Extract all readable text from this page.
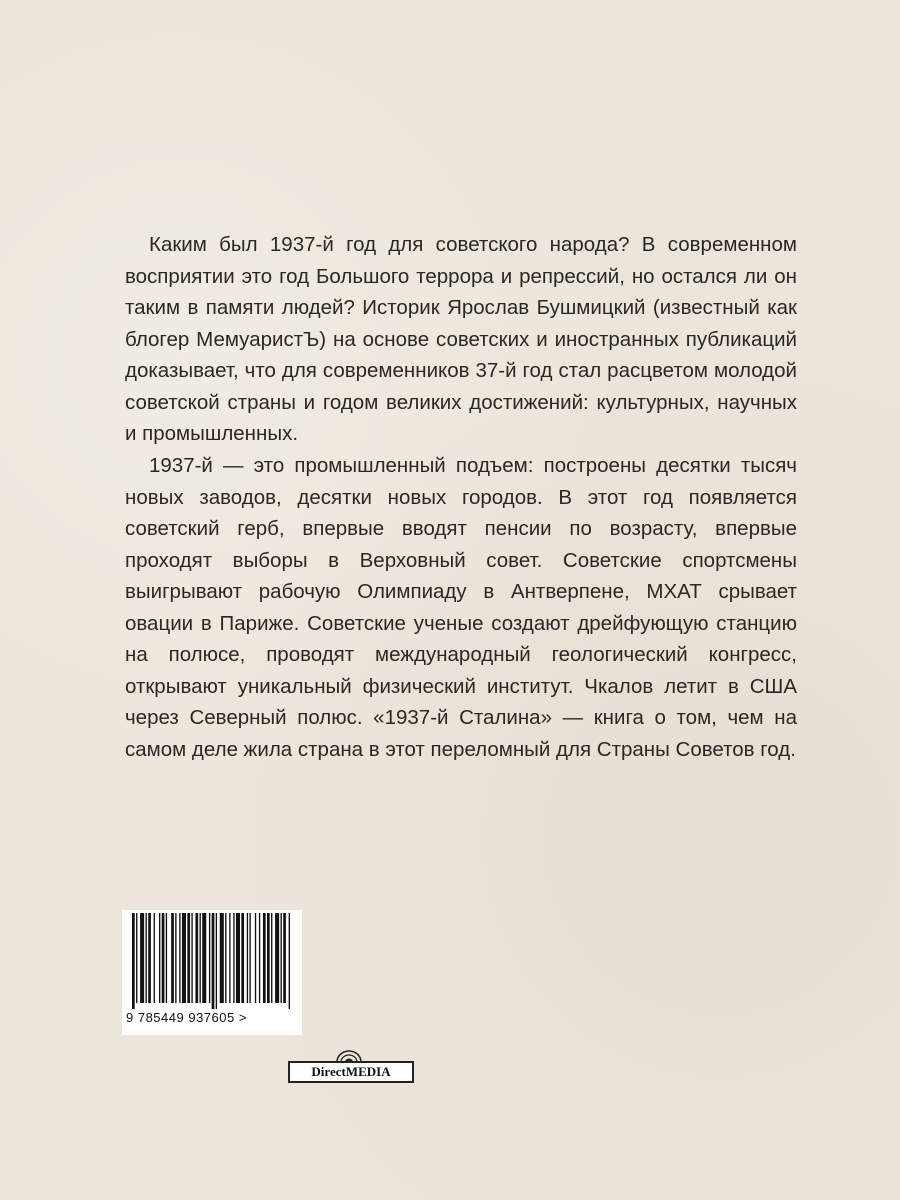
Каким был 1937-й год для советского народа? В современном восприятии это год Большого террора и репрессий, но остался ли он таким в памяти людей? Историк Ярослав Бушмицкий (известный как блогер МемуаристЪ) на основе советских и иностранных публикаций доказывает, что для современников 37-й год стал расцветом молодой советской страны и годом великих достижений: культурных, научных и промышленных.

1937-й — это промышленный подъем: построены десятки тысяч новых заводов, десятки новых городов. В этот год появляется советский герб, впервые вводят пенсии по возрасту, впервые проходят выборы в Верховный совет. Советские спортсмены выигрывают рабочую Олимпиаду в Антверпене, МХАТ срывает овации в Париже. Советские ученые создают дрейфующую станцию на полюсе, проводят международный геологический конгресс, открывают уникальный физический институт. Чкалов летит в США через Северный полюс. «1937-й Сталина» — книга о том, чем на самом деле жила страна в этот переломный для Страны Советов год.

9 785449 937605 >
DirectMEDIA
